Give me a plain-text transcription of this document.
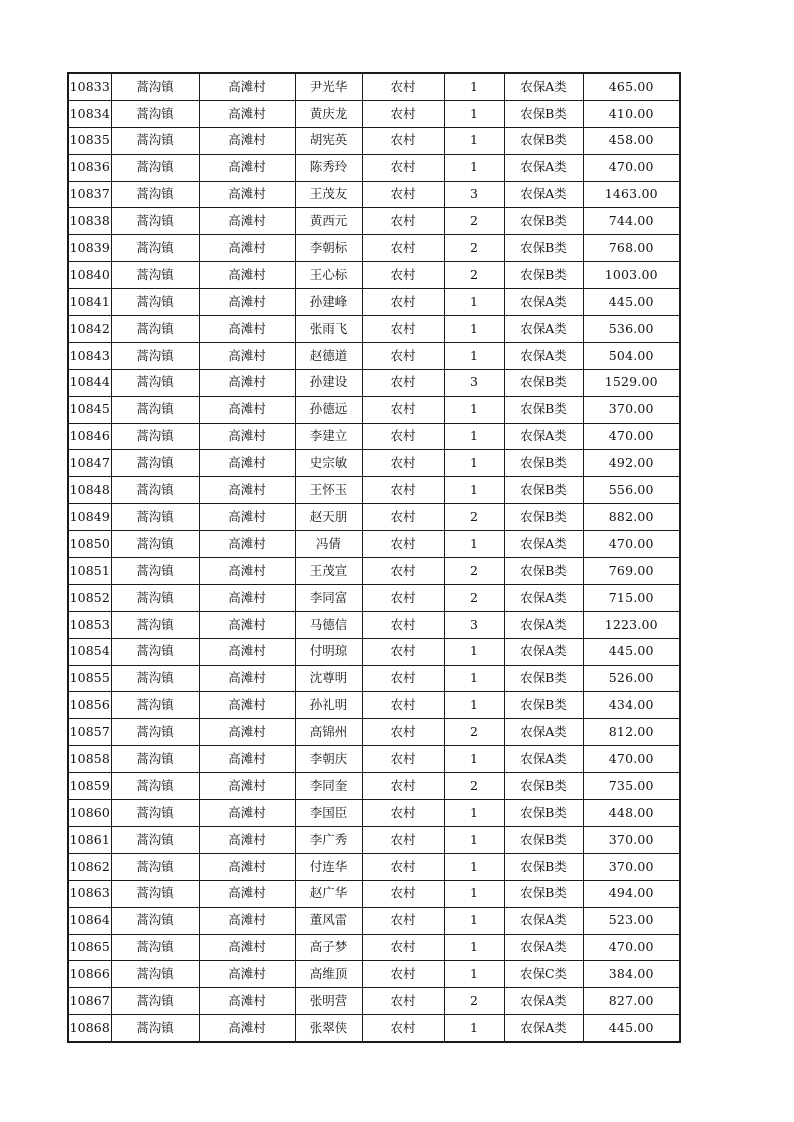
10833	蒿沟镇	高滩村	尹光华	农村	1	农保A类	465.00
10834	蒿沟镇	高滩村	黄庆龙	农村	1	农保B类	410.00
10835	蒿沟镇	高滩村	胡宪英	农村	1	农保B类	458.00
10836	蒿沟镇	高滩村	陈秀玲	农村	1	农保A类	470.00
10837	蒿沟镇	高滩村	王茂友	农村	3	农保A类	1463.00
10838	蒿沟镇	高滩村	黄西元	农村	2	农保B类	744.00
10839	蒿沟镇	高滩村	李朝标	农村	2	农保B类	768.00
10840	蒿沟镇	高滩村	王心标	农村	2	农保B类	1003.00
10841	蒿沟镇	高滩村	孙建峰	农村	1	农保A类	445.00
10842	蒿沟镇	高滩村	张雨飞	农村	1	农保A类	536.00
10843	蒿沟镇	高滩村	赵德道	农村	1	农保A类	504.00
10844	蒿沟镇	高滩村	孙建设	农村	3	农保B类	1529.00
10845	蒿沟镇	高滩村	孙德远	农村	1	农保B类	370.00
10846	蒿沟镇	高滩村	李建立	农村	1	农保A类	470.00
10847	蒿沟镇	高滩村	史宗敏	农村	1	农保B类	492.00
10848	蒿沟镇	高滩村	王怀玉	农村	1	农保B类	556.00
10849	蒿沟镇	高滩村	赵天朋	农村	2	农保B类	882.00
10850	蒿沟镇	高滩村	冯倩	农村	1	农保A类	470.00
10851	蒿沟镇	高滩村	王茂宣	农村	2	农保B类	769.00
10852	蒿沟镇	高滩村	李同富	农村	2	农保A类	715.00
10853	蒿沟镇	高滩村	马德信	农村	3	农保A类	1223.00
10854	蒿沟镇	高滩村	付明琼	农村	1	农保A类	445.00
10855	蒿沟镇	高滩村	沈尊明	农村	1	农保B类	526.00
10856	蒿沟镇	高滩村	孙礼明	农村	1	农保B类	434.00
10857	蒿沟镇	高滩村	高锦州	农村	2	农保A类	812.00
10858	蒿沟镇	高滩村	李朝庆	农村	1	农保A类	470.00
10859	蒿沟镇	高滩村	李同奎	农村	2	农保B类	735.00
10860	蒿沟镇	高滩村	李国臣	农村	1	农保B类	448.00
10861	蒿沟镇	高滩村	李广秀	农村	1	农保B类	370.00
10862	蒿沟镇	高滩村	付连华	农村	1	农保B类	370.00
10863	蒿沟镇	高滩村	赵广华	农村	1	农保B类	494.00
10864	蒿沟镇	高滩村	董风雷	农村	1	农保A类	523.00
10865	蒿沟镇	高滩村	高子梦	农村	1	农保A类	470.00
10866	蒿沟镇	高滩村	高维顶	农村	1	农保C类	384.00
10867	蒿沟镇	高滩村	张明营	农村	2	农保A类	827.00
10868	蒿沟镇	高滩村	张翠侠	农村	1	农保A类	445.00
